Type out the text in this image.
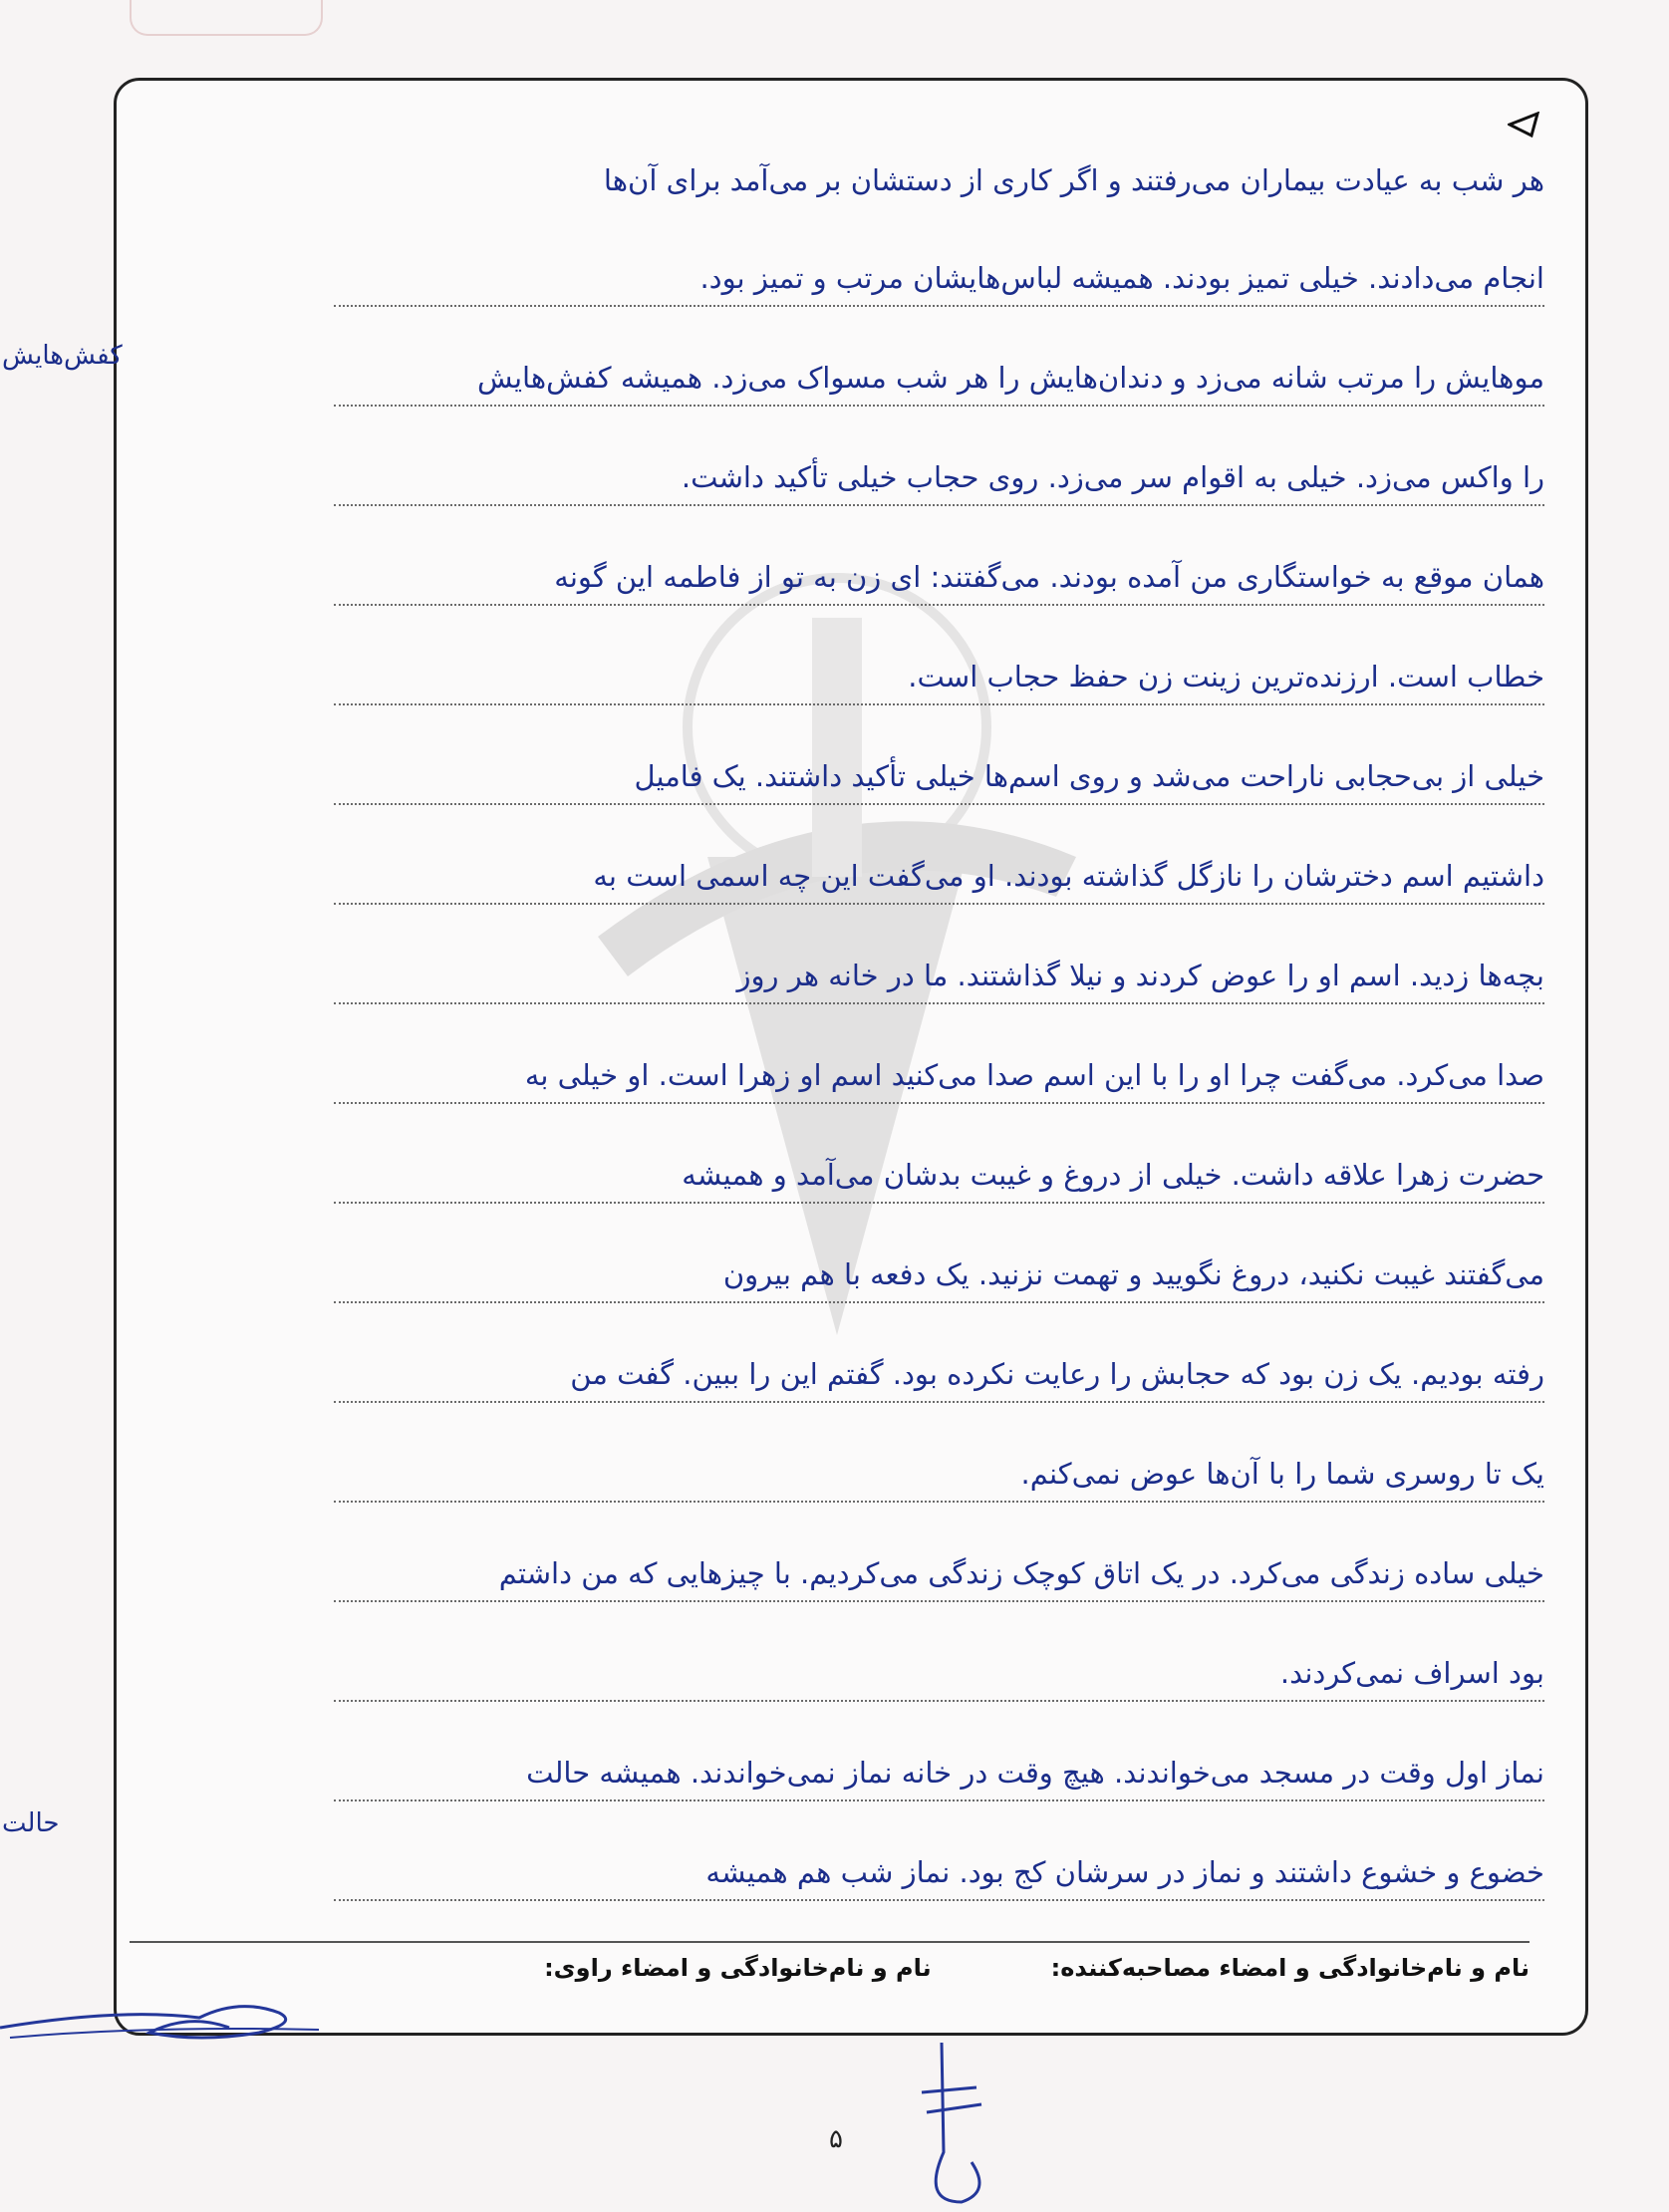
هر شب به عیادت بیماران می‌رفتند و اگر کاری از دستشان بر می‌آمد برای آن‌ها
انجام می‌دادند. خیلی تمیز بودند. همیشه لباس‌هایشان مرتب و تمیز بود.
موهایش را مرتب شانه می‌زد و دندان‌هایش را هر شب مسواک می‌زد. همیشه کفش‌هایش
را واکس می‌زد. خیلی به اقوام سر می‌زد. روی حجاب خیلی تأکید داشت.
همان موقع به خواستگاری من آمده بودند. می‌گفتند: ای زن به تو از فاطمه این گونه
خطاب است. ارزنده‌ترین زینت زن حفظ حجاب است.
خیلی از بی‌حجابی ناراحت می‌شد و روی اسم‌ها خیلی تأکید داشتند. یک فامیل
داشتیم اسم دخترشان را نازگل گذاشته بودند. او می‌گفت این چه اسمی است به
بچه‌ها زدید. اسم او را عوض کردند و نیلا گذاشتند. ما در خانه هر روز
صدا می‌کرد. می‌گفت چرا او را با این اسم صدا می‌کنید اسم او زهرا است. او خیلی به
حضرت زهرا علاقه داشت. خیلی از دروغ و غیبت بدشان می‌آمد و همیشه
می‌گفتند غیبت نکنید، دروغ نگویید و تهمت نزنید. یک دفعه با هم بیرون
رفته بودیم. یک زن بود که حجابش را رعایت نکرده بود. گفتم این را ببین. گفت من
یک تا روسری شما را با آن‌ها عوض نمی‌کنم.
خیلی ساده زندگی می‌کرد. در یک اتاق کوچک زندگی می‌کردیم. با چیزهایی که من داشتم
بود اسراف نمی‌کردند.
نماز اول وقت در مسجد می‌خواندند. هیچ وقت در خانه نماز نمی‌خواندند. همیشه حالت
خضوع و خشوع داشتند و نماز در سرشان کج بود. نماز شب هم همیشه
کفش‌هایش
حالت
نام و نام‌خانوادگی و امضاء مصاحبه‌کننده:
نام و نام‌خانوادگی و امضاء راوی:
۵
